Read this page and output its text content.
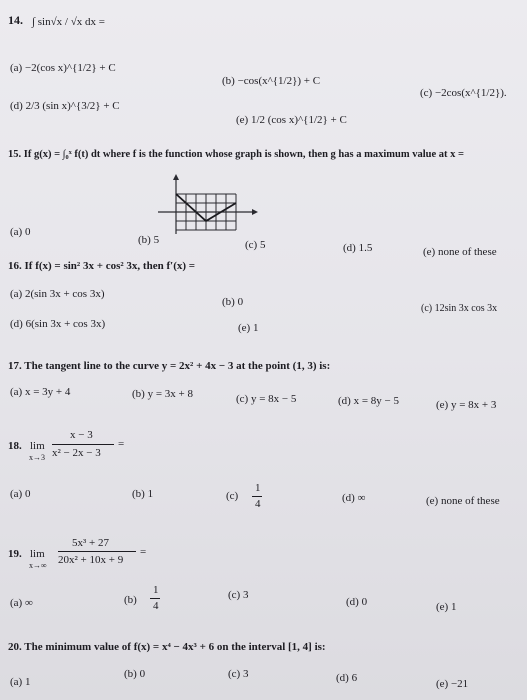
14. ∫ sin√x / √x dx =
(a) −2(cos x)^{1/2} + C
(b) −cos(x^{1/2}) + C
(c) −2cos(x^{1/2}).
(d) 2/3 (sin x)^{3/2} + C
(e) 1/2 (cos x)^{1/2} + C
15. If g(x) = ∫₀ˣ f(t) dt where f is the function whose graph is shown, then g has a maximum value at x =
(a) 0
(b) 5	(c) 5	(d) 1.5	(e) none of these
16. If f(x) = sin² 3x + cos² 3x, then f′(x) =
(a) 2(sin 3x + cos 3x)
(b) 0
(c) 12sin 3x cos 3x
(d) 6(sin 3x + cos 3x)	(e) 1
17. The tangent line to the curve y = 2x² + 4x − 3 at the point (1, 3) is:
(a) x = 3y + 4	(b) y = 3x + 8	(c) y = 8x − 5	(d) x = 8y − 5	(e) y = 8x + 3
18. lim
x→3
x − 3
x² − 2x − 3
=
(a) 0	(b) 1	(c)
1
4	(d) ∞	(e) none of these
19. lim
x→∞
5x³ + 27
20x² + 10x + 9
=
(a) ∞	(b)
1
4
(c) 3
(d) 0	(e) 1
20. The minimum value of f(x) = x⁴ − 4x³ + 6 on the interval [1, 4] is:
(a) 1
(b) 0	(c) 3	(d) 6	(e) −21
